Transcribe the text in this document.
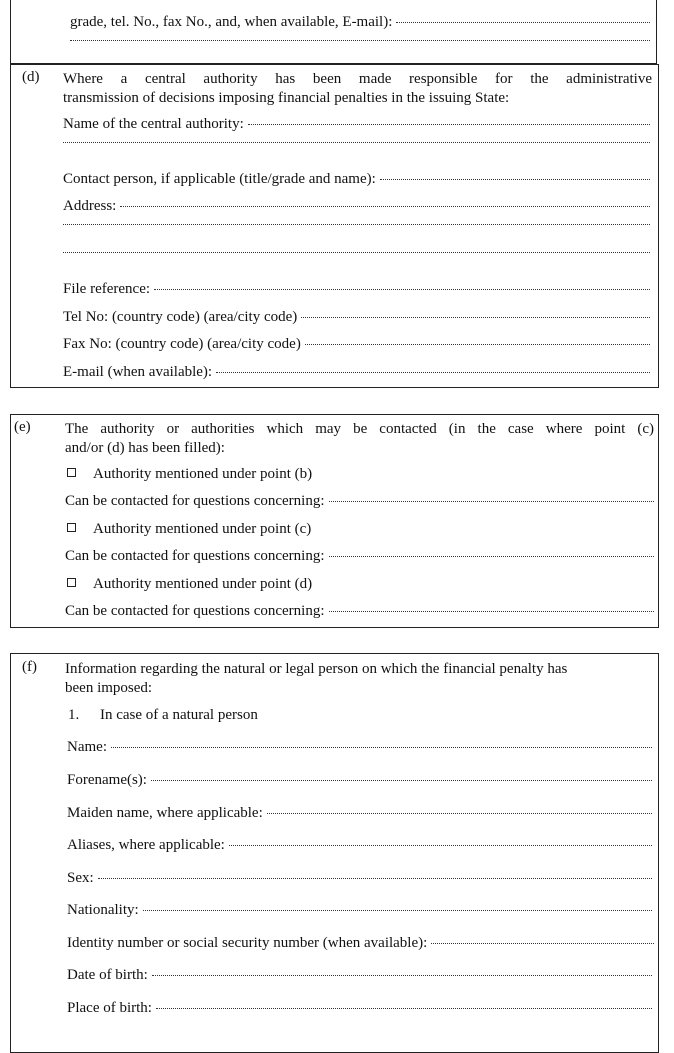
grade, tel. No., fax No., and, when available, E-mail):
(d) Where a central authority has been made responsible for the administrative
transmission of decisions imposing financial penalties in the issuing State:
Name of the central authority:
Contact person, if applicable (title/grade and name):
Address:
File reference:
Tel No: (country code) (area/city code)
Fax No: (country code) (area/city code)
E-mail (when available):
(e) The authority or authorities which may be contacted (in the case where point (c)
and/or (d) has been filled):
Authority mentioned under point (b)
Can be contacted for questions concerning:
Authority mentioned under point (c)
Can be contacted for questions concerning:
Authority mentioned under point (d)
Can be contacted for questions concerning:
(f) Information regarding the natural or legal person on which the financial penalty has
been imposed:
1.	In case of a natural person
Name:
Forename(s):
Maiden name, where applicable:
Aliases, where applicable:
Sex:
Nationality:
Identity number or social security number (when available):
Date of birth:
Place of birth:
